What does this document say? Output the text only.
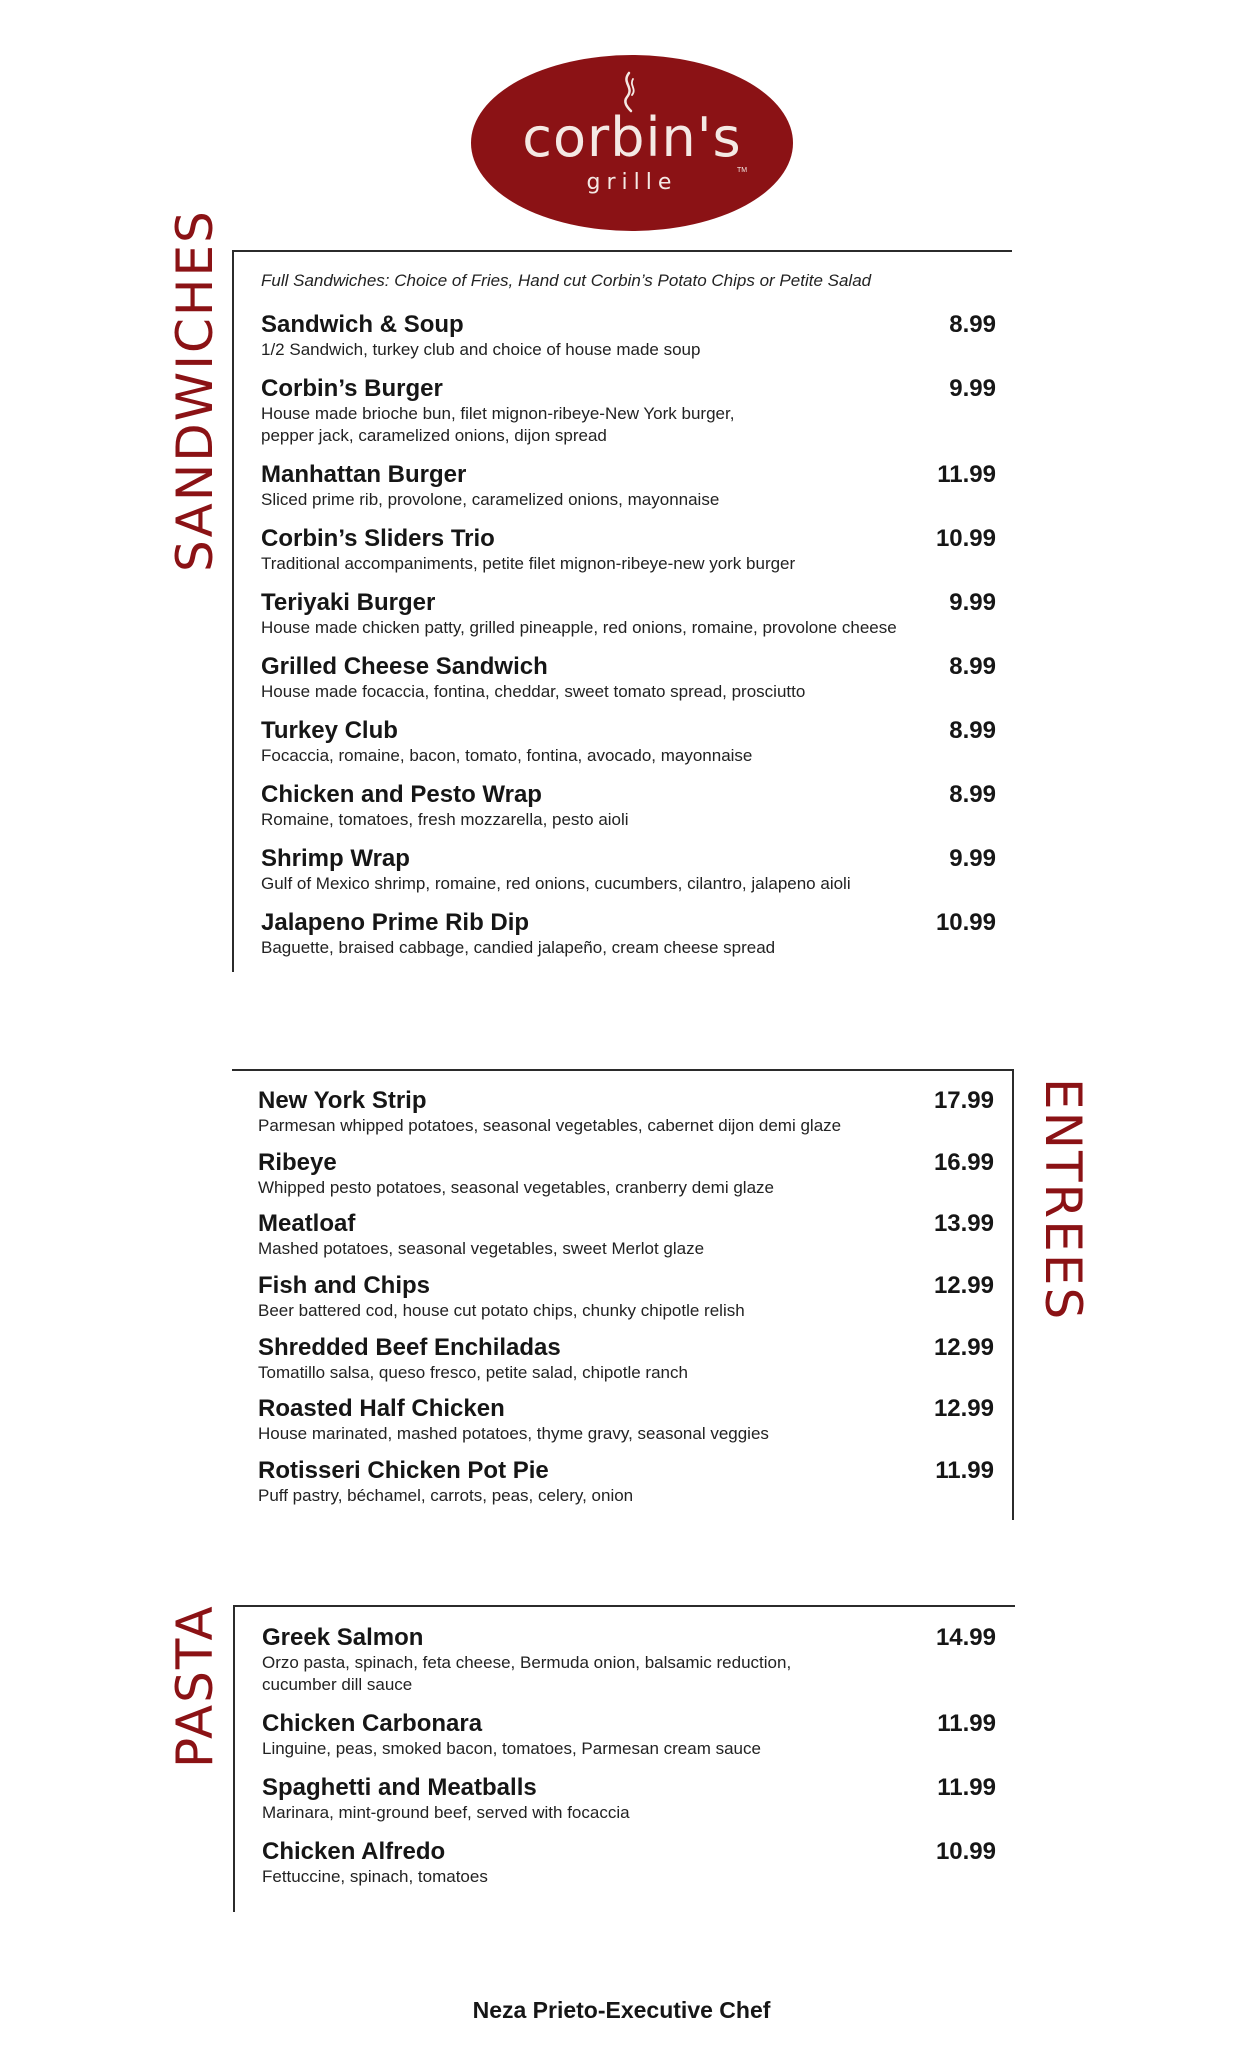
corbin's
TM
grille
SANDWICHES Full Sandwiches: Choice of Fries, Hand cut Corbin’s Potato Chips or Petite Salad
Sandwich & Soup
1/2 Sandwich, turkey club and choice of house made soup
8.99
Corbin’s Burger
House made brioche bun, filet mignon-ribeye-New York burger,
pepper jack, caramelized onions, dijon spread
9.99
Manhattan Burger
Sliced prime rib, provolone, caramelized onions, mayonnaise
11.99
Corbin’s Sliders Trio
Traditional accompaniments, petite filet mignon-ribeye-new york burger
10.99
Teriyaki Burger
House made chicken patty, grilled pineapple, red onions, romaine, provolone cheese
9.99
Grilled Cheese Sandwich
House made focaccia, fontina, cheddar, sweet tomato spread, prosciutto
8.99
Turkey Club
Focaccia, romaine, bacon, tomato, fontina, avocado, mayonnaise
8.99
Chicken and Pesto Wrap
Romaine, tomatoes, fresh mozzarella, pesto aioli
8.99
Shrimp Wrap
Gulf of Mexico shrimp, romaine, red onions, cucumbers, cilantro, jalapeno aioli
9.99
Jalapeno Prime Rib Dip
Baguette, braised cabbage, candied jalapeño, cream cheese spread
10.99
ENTREES
New York Strip
Parmesan whipped potatoes, seasonal vegetables, cabernet dijon demi glaze
17.99
Ribeye
Whipped pesto potatoes, seasonal vegetables, cranberry demi glaze
16.99
Meatloaf
Mashed potatoes, seasonal vegetables, sweet Merlot glaze
13.99
Fish and Chips
Beer battered cod, house cut potato chips, chunky chipotle relish
12.99
Shredded Beef Enchiladas
Tomatillo salsa, queso fresco, petite salad, chipotle ranch
12.99
Roasted Half Chicken
House marinated, mashed potatoes, thyme gravy, seasonal veggies
12.99
Rotisseri Chicken Pot Pie
Puff pastry, béchamel, carrots, peas, celery, onion
11.99
PASTA Greek Salmon
Orzo pasta, spinach, feta cheese, Bermuda onion, balsamic reduction,
cucumber dill sauce
14.99
Chicken Carbonara
Linguine, peas, smoked bacon, tomatoes, Parmesan cream sauce
11.99
Spaghetti and Meatballs
Marinara, mint-ground beef, served with focaccia
11.99
Chicken Alfredo
Fettuccine, spinach, tomatoes
10.99
Neza Prieto-Executive Chef
